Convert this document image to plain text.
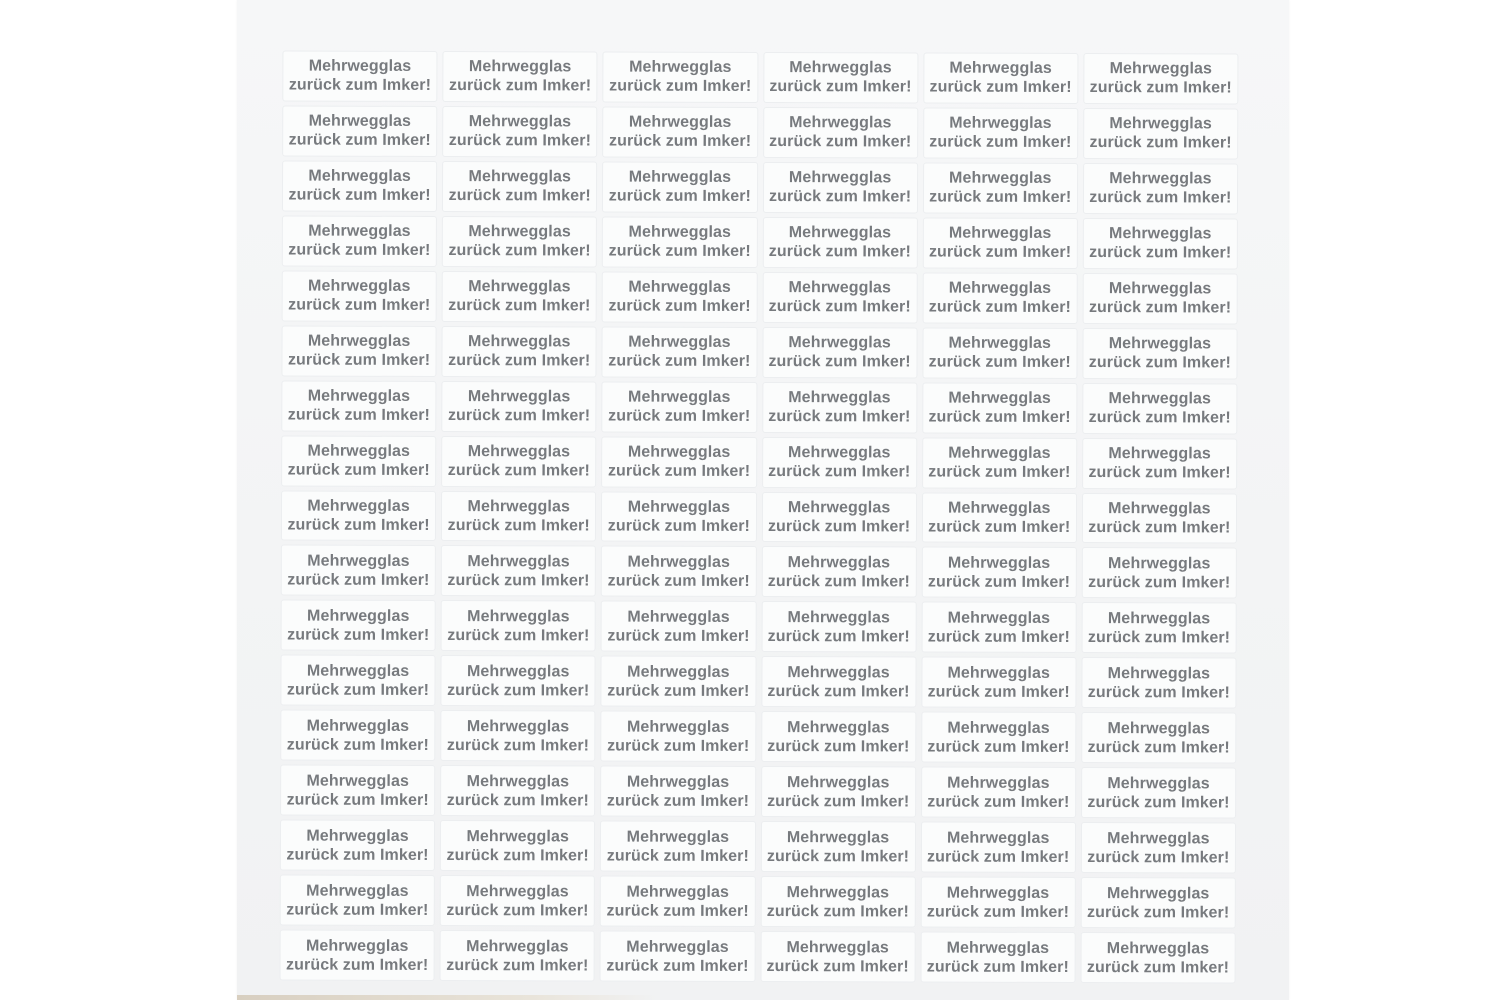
Mehrwegglas
zurück zum Imker!
Mehrwegglas
zurück zum Imker!
Mehrwegglas
zurück zum Imker!
Mehrwegglas
zurück zum Imker!
Mehrwegglas
zurück zum Imker!
Mehrwegglas
zurück zum Imker!
Mehrwegglas
zurück zum Imker!
Mehrwegglas
zurück zum Imker!
Mehrwegglas
zurück zum Imker!
Mehrwegglas
zurück zum Imker!
Mehrwegglas
zurück zum Imker!
Mehrwegglas
zurück zum Imker!
Mehrwegglas
zurück zum Imker!
Mehrwegglas
zurück zum Imker!
Mehrwegglas
zurück zum Imker!
Mehrwegglas
zurück zum Imker!
Mehrwegglas
zurück zum Imker!
Mehrwegglas
zurück zum Imker!
Mehrwegglas
zurück zum Imker!
Mehrwegglas
zurück zum Imker!
Mehrwegglas
zurück zum Imker!
Mehrwegglas
zurück zum Imker!
Mehrwegglas
zurück zum Imker!
Mehrwegglas
zurück zum Imker!
Mehrwegglas
zurück zum Imker!
Mehrwegglas
zurück zum Imker!
Mehrwegglas
zurück zum Imker!
Mehrwegglas
zurück zum Imker!
Mehrwegglas
zurück zum Imker!
Mehrwegglas
zurück zum Imker!
Mehrwegglas
zurück zum Imker!
Mehrwegglas
zurück zum Imker!
Mehrwegglas
zurück zum Imker!
Mehrwegglas
zurück zum Imker!
Mehrwegglas
zurück zum Imker!
Mehrwegglas
zurück zum Imker!
Mehrwegglas
zurück zum Imker!
Mehrwegglas
zurück zum Imker!
Mehrwegglas
zurück zum Imker!
Mehrwegglas
zurück zum Imker!
Mehrwegglas
zurück zum Imker!
Mehrwegglas
zurück zum Imker!
Mehrwegglas
zurück zum Imker!
Mehrwegglas
zurück zum Imker!
Mehrwegglas
zurück zum Imker!
Mehrwegglas
zurück zum Imker!
Mehrwegglas
zurück zum Imker!
Mehrwegglas
zurück zum Imker!
Mehrwegglas
zurück zum Imker!
Mehrwegglas
zurück zum Imker!
Mehrwegglas
zurück zum Imker!
Mehrwegglas
zurück zum Imker!
Mehrwegglas
zurück zum Imker!
Mehrwegglas
zurück zum Imker!
Mehrwegglas
zurück zum Imker!
Mehrwegglas
zurück zum Imker!
Mehrwegglas
zurück zum Imker!
Mehrwegglas
zurück zum Imker!
Mehrwegglas
zurück zum Imker!
Mehrwegglas
zurück zum Imker!
Mehrwegglas
zurück zum Imker!
Mehrwegglas
zurück zum Imker!
Mehrwegglas
zurück zum Imker!
Mehrwegglas
zurück zum Imker!
Mehrwegglas
zurück zum Imker!
Mehrwegglas
zurück zum Imker!
Mehrwegglas
zurück zum Imker!
Mehrwegglas
zurück zum Imker!
Mehrwegglas
zurück zum Imker!
Mehrwegglas
zurück zum Imker!
Mehrwegglas
zurück zum Imker!
Mehrwegglas
zurück zum Imker!
Mehrwegglas
zurück zum Imker!
Mehrwegglas
zurück zum Imker!
Mehrwegglas
zurück zum Imker!
Mehrwegglas
zurück zum Imker!
Mehrwegglas
zurück zum Imker!
Mehrwegglas
zurück zum Imker!
Mehrwegglas
zurück zum Imker!
Mehrwegglas
zurück zum Imker!
Mehrwegglas
zurück zum Imker!
Mehrwegglas
zurück zum Imker!
Mehrwegglas
zurück zum Imker!
Mehrwegglas
zurück zum Imker!
Mehrwegglas
zurück zum Imker!
Mehrwegglas
zurück zum Imker!
Mehrwegglas
zurück zum Imker!
Mehrwegglas
zurück zum Imker!
Mehrwegglas
zurück zum Imker!
Mehrwegglas
zurück zum Imker!
Mehrwegglas
zurück zum Imker!
Mehrwegglas
zurück zum Imker!
Mehrwegglas
zurück zum Imker!
Mehrwegglas
zurück zum Imker!
Mehrwegglas
zurück zum Imker!
Mehrwegglas
zurück zum Imker!
Mehrwegglas
zurück zum Imker!
Mehrwegglas
zurück zum Imker!
Mehrwegglas
zurück zum Imker!
Mehrwegglas
zurück zum Imker!
Mehrwegglas
zurück zum Imker!
Mehrwegglas
zurück zum Imker!
